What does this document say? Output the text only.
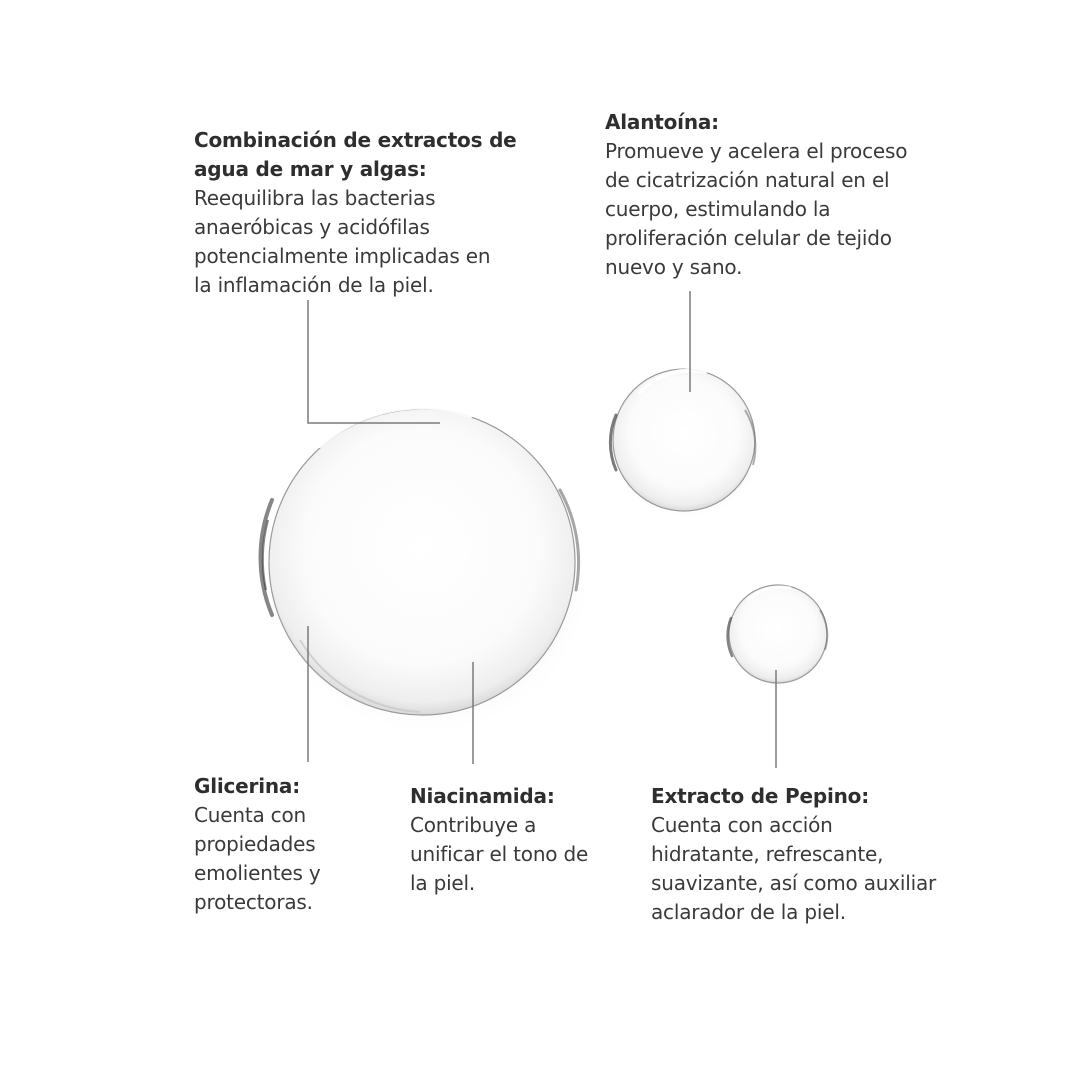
Combinación de extractos de agua de mar y algas:
Reequilibra las bacterias
anaeróbicas y acidófilas
potencialmente implicadas en
la inflamación de la piel.
Alantoína:
Promueve y acelera el proceso
de cicatrización natural en el
cuerpo, estimulando la
proliferación celular de tejido
nuevo y sano.
Glicerina:
Cuenta con
propiedades
emolientes y
protectoras.
Niacinamida:
Contribuye a
unificar el tono de
la piel.
Extracto de Pepino:
Cuenta con acción
hidratante, refrescante,
suavizante, así como auxiliar
aclarador de la piel.
